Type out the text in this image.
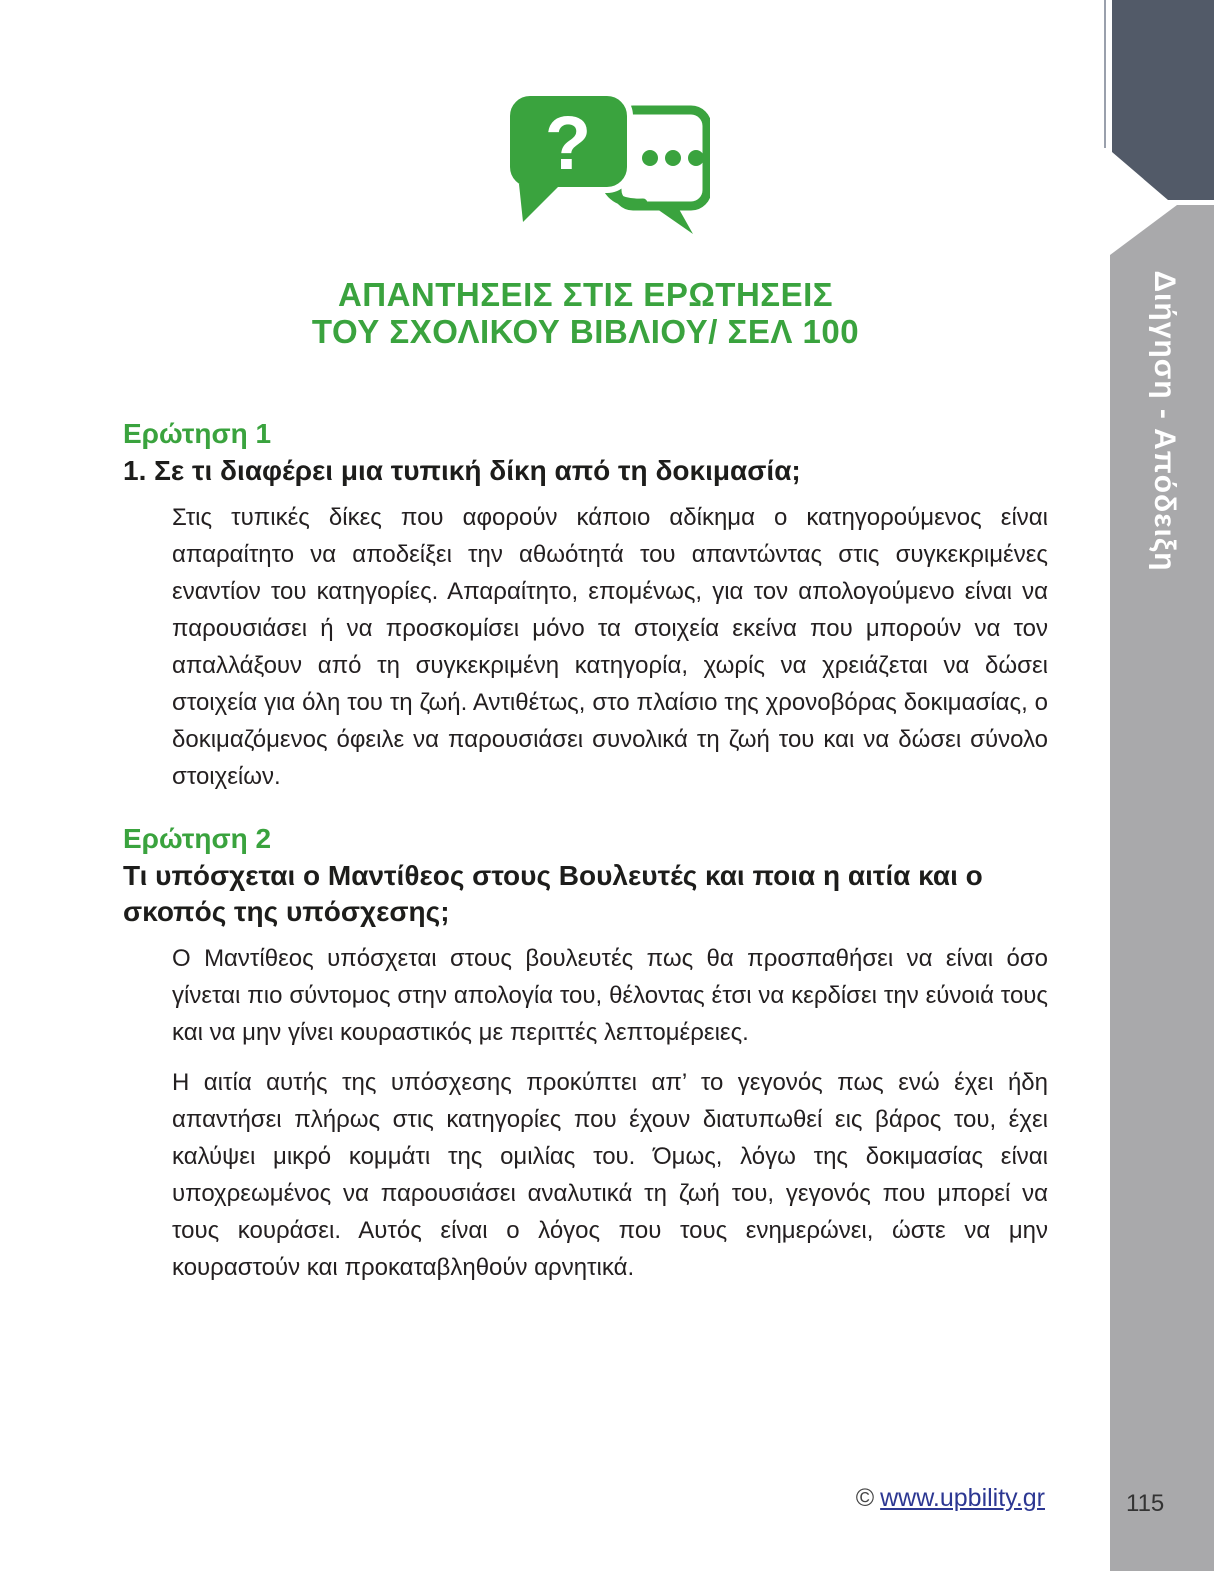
?
ΑΠΑΝΤΗΣΕΙΣ ΣΤΙΣ ΕΡΩΤΗΣΕΙΣ
ΤΟΥ ΣΧΟΛΙΚΟΥ ΒΙΒΛΙΟΥ/ ΣΕΛ 100
Ερώτηση 1
1. Σε τι διαφέρει μια τυπική δίκη από τη δοκιμασία;

Στις τυπικές δίκες που αφορούν κάποιο αδίκημα ο κατηγορούμενος είναι απαραίτητο να αποδείξει την αθωότητά του απαντώντας στις συγκεκριμένες εναντίον του κατηγορίες. Απαραίτητο, επομένως, για τον απολογούμενο είναι να παρουσιάσει ή να προσκομίσει μόνο τα στοιχεία εκείνα που μπορούν να τον απαλλάξουν από τη συγκεκριμένη κατηγορία, χωρίς να χρειάζεται να δώσει στοιχεία για όλη του τη ζωή. Αντιθέτως, στο πλαίσιο της χρονοβόρας δοκιμασίας, ο δοκιμαζόμενος όφειλε να παρουσιάσει συνολικά τη ζωή του και να δώσει σύνολο στοιχείων.

Ερώτηση 2
Τι υπόσχεται ο Μαντίθεος στους Βουλευτές και ποια η αιτία και ο σκοπός της υπόσχεσης;

Ο Μαντίθεος υπόσχεται στους βουλευτές πως θα προσπαθήσει να είναι όσο γίνεται πιο σύντομος στην απολογία του, θέλοντας έτσι να κερδίσει την εύνοιά τους και να μην γίνει κουραστικός με περιττές λεπτομέρειες.

Η αιτία αυτής της υπόσχεσης προκύπτει απ’ το γεγονός πως ενώ έχει ήδη απαντήσει πλήρως στις κατηγορίες που έχουν διατυπωθεί εις βάρος του, έχει καλύψει μικρό κομμάτι της ομιλίας του. Όμως, λόγω της δοκιμασίας είναι υποχρεωμένος να παρουσιάσει αναλυτικά τη ζωή του, γεγονός που μπορεί να τους κουράσει. Αυτός είναι ο λόγος που τους ενημερώνει, ώστε να μην κουραστούν και προκαταβληθούν αρνητικά.

Διήγηση - Απόδειξη
© www.upbility.gr	115
